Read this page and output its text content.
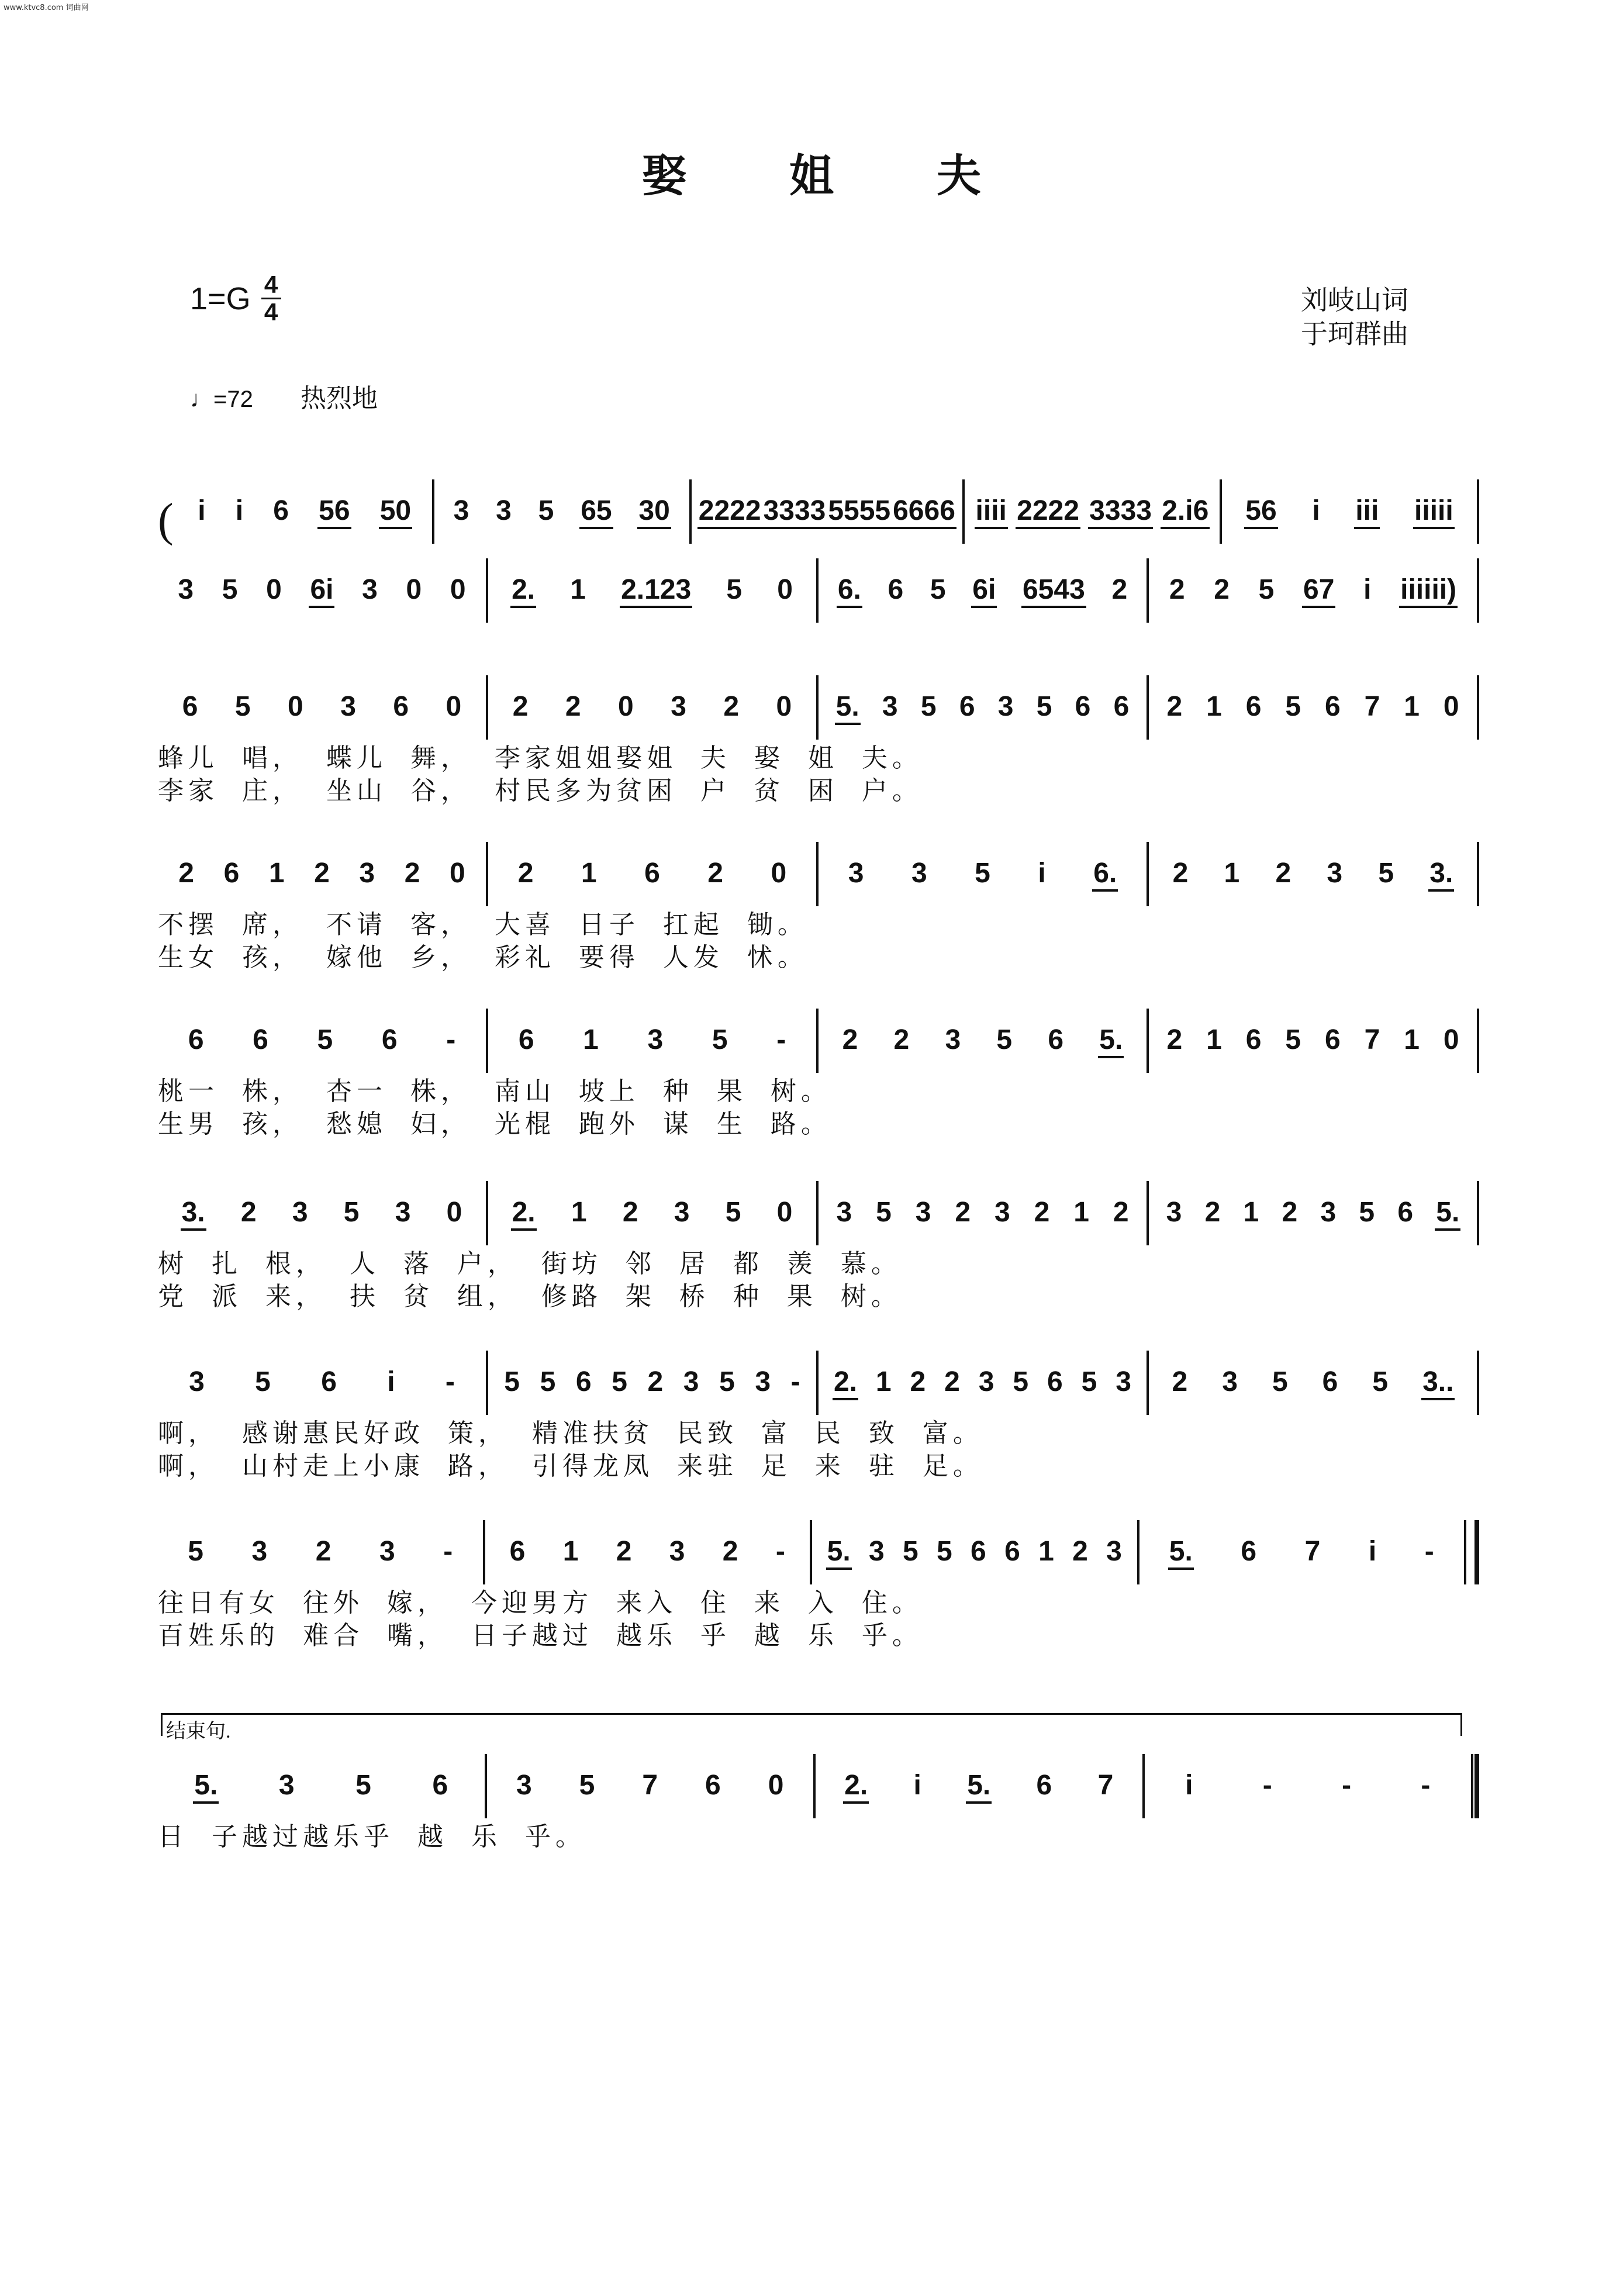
www.ktvc8.com 词曲网
娶 姐 夫
$1=G \frac{4}{4}$	刘岐山词
于珂群曲
♩=72 热烈地
结束句.
( i i 6 56 50 3 3 5 65 30 2222 3333 5555 6666 iiii 2222 3333 2.i6 56 i iii iiiii
3 5 0 6i 3 0 0 2. 1 2.123 5 0 6. 6 5 6i 6543 2 2 2 5 67 i iiiiii)
6 5 0 3 6 0 2 2 0 3 2 0 5. 3 5 6 3 5 6 6 2 1 6 5 6 7 1 0
蜂儿 唱， 蝶儿 舞， 李家姐姐娶姐 夫 娶 姐 夫。
李家 庄， 坐山 谷， 村民多为贫困 户 贫 困 户。
2 6 1 2 3 2 0 2 1 6 2 0 3 3 5 i 6. 2 1 2 3 5 3.
不摆 席， 不请 客， 大喜 日子 扛起 锄。
生女 孩， 嫁他 乡， 彩礼 要得 人发 怵。
6 6 5 6 - 6 1 3 5 - 2 2 3 5 6 5. 2 1 6 5 6 7 1 0
桃一 株， 杏一 株， 南山 坡上 种 果 树。
生男 孩， 愁媳 妇， 光棍 跑外 谋 生 路。
3. 2 3 5 3 0 2. 1 2 3 5 0 3 5 3 2 3 2 1 2 3 2 1 2 3 5 6 5.
树 扎 根， 人 落 户， 街坊 邻 居 都 羡 慕。
党 派 来， 扶 贫 组， 修路 架 桥 种 果 树。
3 5 6 i - 5 5 6 5 2 3 5 3 - 2. 1 2 2 3 5 6 5 3 2 3 5 6 5 3..
啊， 感谢惠民好政 策， 精准扶贫 民致 富 民 致 富。
啊， 山村走上小康 路， 引得龙凤 来驻 足 来 驻 足。
5 3 2 3 - 6 1 2 3 2 - 5. 3 5 5 6 6 1 2 3 5. 6 7 i -
往日有女 往外 嫁， 今迎男方 来入 住 来 入 住。
百姓乐的 难合 嘴， 日子越过 越乐 乎 越 乐 乎。
5. 3 5 6 3 5 7 6 0 2. i 5. 6 7	i - - -
日 子越过越乐乎 越 乐 乎。
